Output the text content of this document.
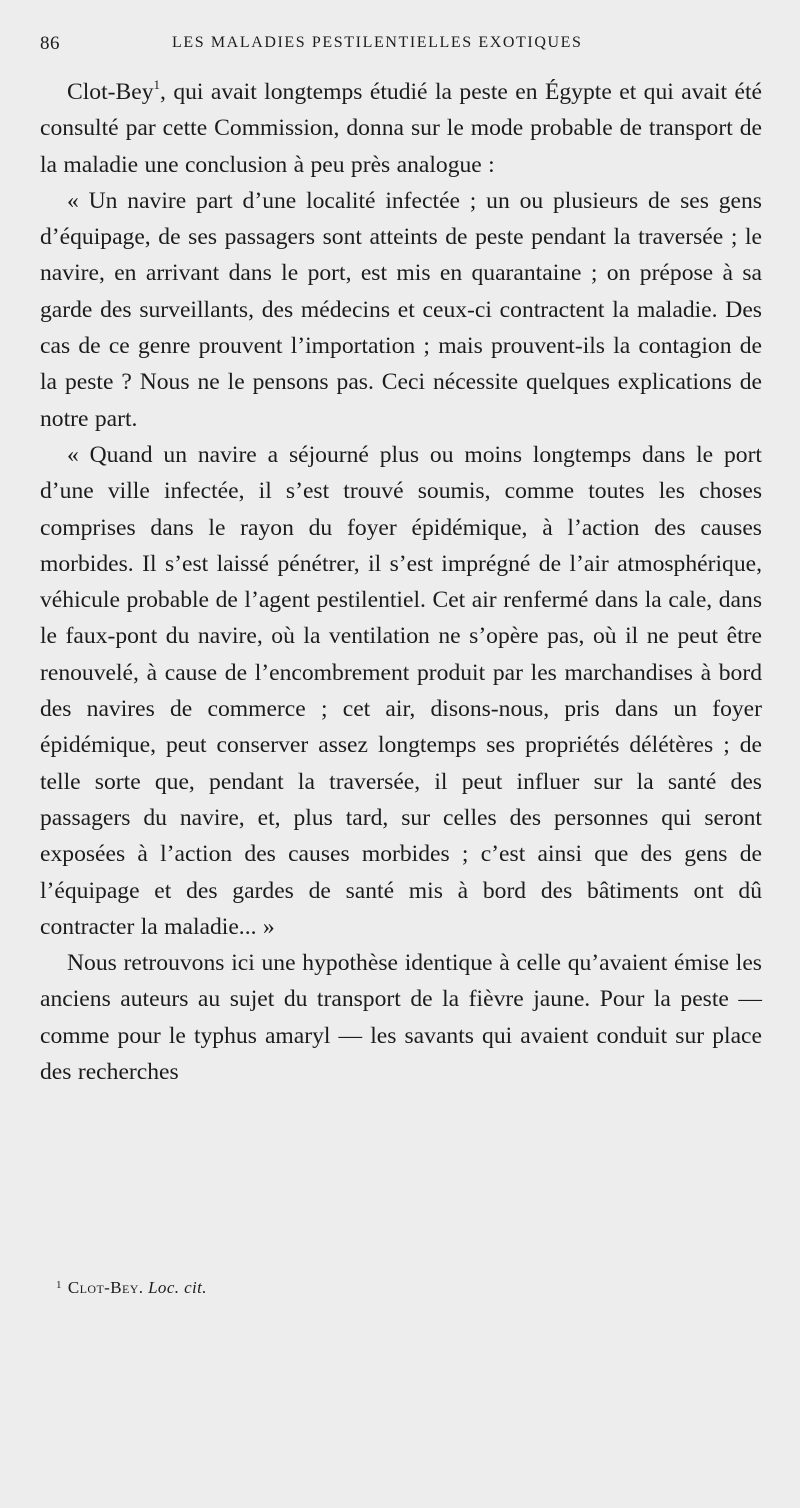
86	LES MALADIES PESTILENTIELLES EXOTIQUES

Clot-Bey$^1$, qui avait longtemps étudié la peste en Égypte et qui avait été consulté par cette Commission, donna sur le mode probable de transport de la maladie une conclusion à peu près analogue :

« Un navire part d’une localité infectée ; un ou plusieurs de ses gens d’équipage, de ses passagers sont atteints de peste pendant la traversée ; le navire, en arrivant dans le port, est mis en quarantaine ; on prépose à sa garde des surveillants, des médecins et ceux-ci contractent la maladie. Des cas de ce genre prouvent l’importation ; mais prouvent-ils la contagion de la peste ? Nous ne le pensons pas. Ceci nécessite quelques explications de notre part.

« Quand un navire a séjourné plus ou moins longtemps dans le port d’une ville infectée, il s’est trouvé soumis, comme toutes les choses comprises dans le rayon du foyer épidémique, à l’action des causes morbides. Il s’est laissé pénétrer, il s’est imprégné de l’air atmosphérique, véhicule probable de l’agent pestilentiel. Cet air renfermé dans la cale, dans le faux-pont du navire, où la ventilation ne s’opère pas, où il ne peut être renouvelé, à cause de l’encombrement produit par les marchandises à bord des navires de commerce ; cet air, disons-nous, pris dans un foyer épidémique, peut conserver assez longtemps ses propriétés délétères ; de telle sorte que, pendant la traversée, il peut influer sur la santé des passagers du navire, et, plus tard, sur celles des personnes qui seront exposées à l’action des causes morbides ; c’est ainsi que des gens de l’équipage et des gardes de santé mis à bord des bâtiments ont dû contracter la maladie... »

Nous retrouvons ici une hypothèse identique à celle qu’avaient émise les anciens auteurs au sujet du transport de la fièvre jaune. Pour la peste — comme pour le typhus amaryl — les savants qui avaient conduit sur place des recherches

$^1$ Clot-Bey. Loc. cit.
